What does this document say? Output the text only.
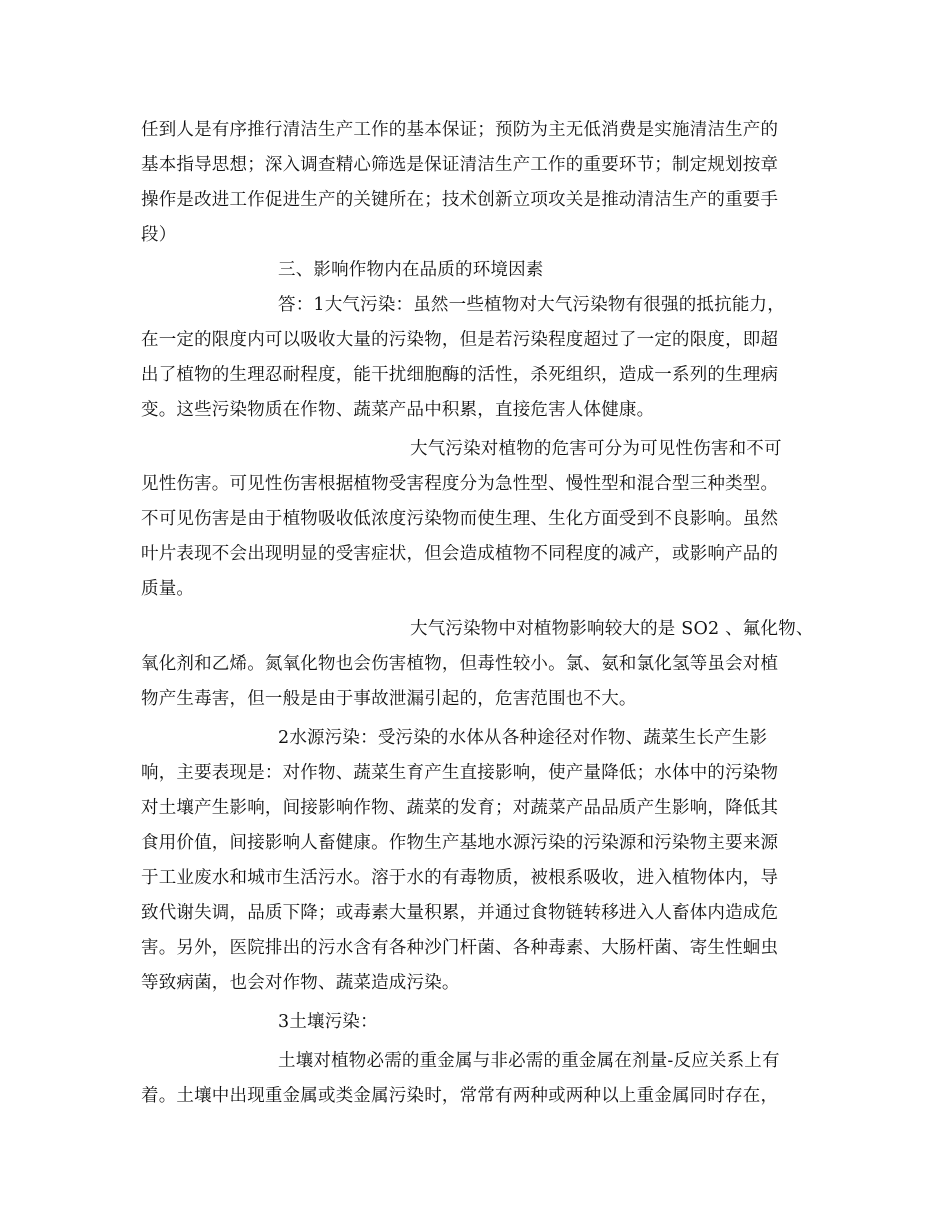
任到人是有序推行清洁生产工作的基本保证；预防为主无低消费是实施清洁生产的
基本指导思想；深入调查精心筛选是保证清洁生产工作的重要环节；制定规划按章
操作是改进工作促进生产的关键所在；技术创新立项攻关是推动清洁生产的重要手
段）
三、影响作物内在品质的环境因素
答：1大气污染：虽然一些植物对大气污染物有很强的抵抗能力，
在一定的限度内可以吸收大量的污染物，但是若污染程度超过了一定的限度，即超
出了植物的生理忍耐程度，能干扰细胞酶的活性，杀死组织，造成一系列的生理病
变。这些污染物质在作物、蔬菜产品中积累，直接危害人体健康。
大气污染对植物的危害可分为可见性伤害和不可
见性伤害。可见性伤害根据植物受害程度分为急性型、慢性型和混合型三种类型。
不可见伤害是由于植物吸收低浓度污染物而使生理、生化方面受到不良影响。虽然
叶片表现不会出现明显的受害症状，但会造成植物不同程度的减产，或影响产品的
质量。
大气污染物中对植物影响较大的是 SO2 、氟化物、
氧化剂和乙烯。氮氧化物也会伤害植物，但毒性较小。氯、氨和氯化氢等虽会对植
物产生毒害，但一般是由于事故泄漏引起的，危害范围也不大。
2水源污染：受污染的水体从各种途径对作物、蔬菜生长产生影
响，主要表现是：对作物、蔬菜生育产生直接影响，使产量降低；水体中的污染物
对土壤产生影响，间接影响作物、蔬菜的发育；对蔬菜产品品质产生影响，降低其
食用价值，间接影响人畜健康。作物生产基地水源污染的污染源和污染物主要来源
于工业废水和城市生活污水。溶于水的有毒物质，被根系吸收，进入植物体内，导
致代谢失调，品质下降；或毒素大量积累，并通过食物链转移进入人畜体内造成危
害。另外，医院排出的污水含有各种沙门杆菌、各种毒素、大肠杆菌、寄生性蛔虫
等致病菌，也会对作物、蔬菜造成污染。
3土壤污染：
土壤对植物必需的重金属与非必需的重金属在剂量-反应关系上有
着。土壤中出现重金属或类金属污染时，常常有两种或两种以上重金属同时存在，
